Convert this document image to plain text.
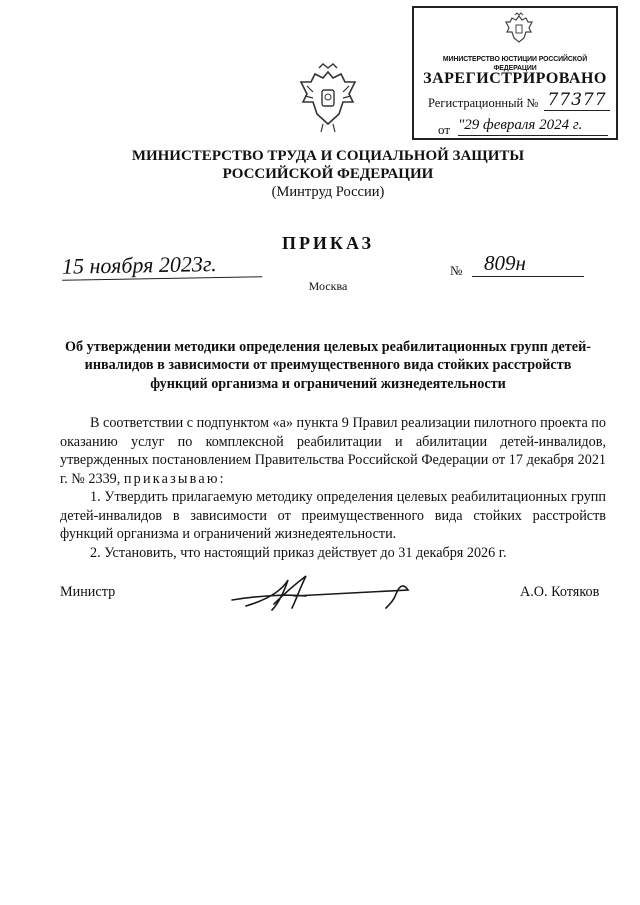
МИНИСТЕРСТВО ЮСТИЦИИ РОССИЙСКОЙ ФЕДЕРАЦИИ
ЗАРЕГИСТРИРОВАНО
Регистрационный № 77377
от "29 февраля 2024 г.
МИНИСТЕРСТВО ТРУДА И СОЦИАЛЬНОЙ ЗАЩИТЫ
РОССИЙСКОЙ ФЕДЕРАЦИИ
(Минтруд России)
ПРИКАЗ
15 ноября 2023г.	№	809н
Москва
Об утверждении методики определения целевых реабилитационных групп детей-инвалидов в зависимости от преимущественного вида стойких расстройств функций организма и ограничений жизнедеятельности

В соответствии с подпунктом «а» пункта 9 Правил реализации пилотного проекта по оказанию услуг по комплексной реабилитации и абилитации детей-инвалидов, утвержденных постановлением Правительства Российской Федерации от 17 декабря 2021 г. № 2339, приказываю:

1. Утвердить прилагаемую методику определения целевых реабилитационных групп детей-инвалидов в зависимости от преимущественного вида стойких расстройств функций организма и ограничений жизнедеятельности.

2. Установить, что настоящий приказ действует до 31 декабря 2026 г.

Министр	А.О. Котяков
